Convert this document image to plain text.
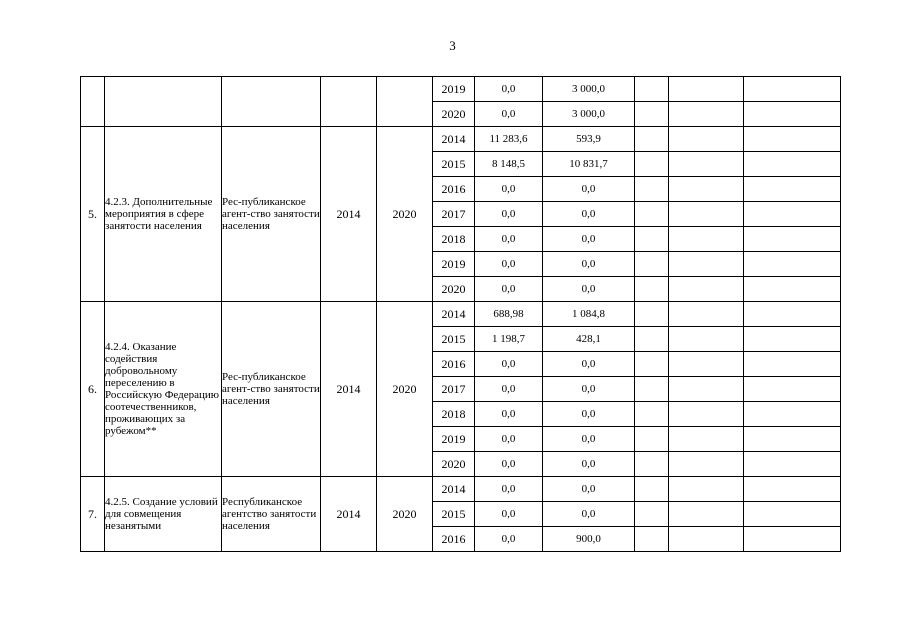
3
					2019	0,0	3 000,0			
					2020	0,0	3 000,0			
5.	4.2.3. Дополнительные мероприятия в сфере занятости населения	Рес-публиканское агент-ство занятости населения	2014	2020	2014	11 283,6	593,9			
					2015	8 148,5	10 831,7			
					2016	0,0	0,0			
					2017	0,0	0,0			
					2018	0,0	0,0			
					2019	0,0	0,0			
					2020	0,0	0,0			
6.	4.2.4. Оказание содействия добровольному переселению в Российскую Федерацию соотечественников, проживающих за рубежом**	Рес-публиканское агент-ство занятости населения	2014	2020	2014	688,98	1 084,8			
					2015	1 198,7	428,1			
					2016	0,0	0,0			
					2017	0,0	0,0			
					2018	0,0	0,0			
					2019	0,0	0,0			
					2020	0,0	0,0			
7.	4.2.5. Создание условий для совмещения незанятыми	Республиканское агентство занятости населения	2014	2020	2014	0,0	0,0			
					2015	0,0	0,0			
					2016	0,0	900,0			
